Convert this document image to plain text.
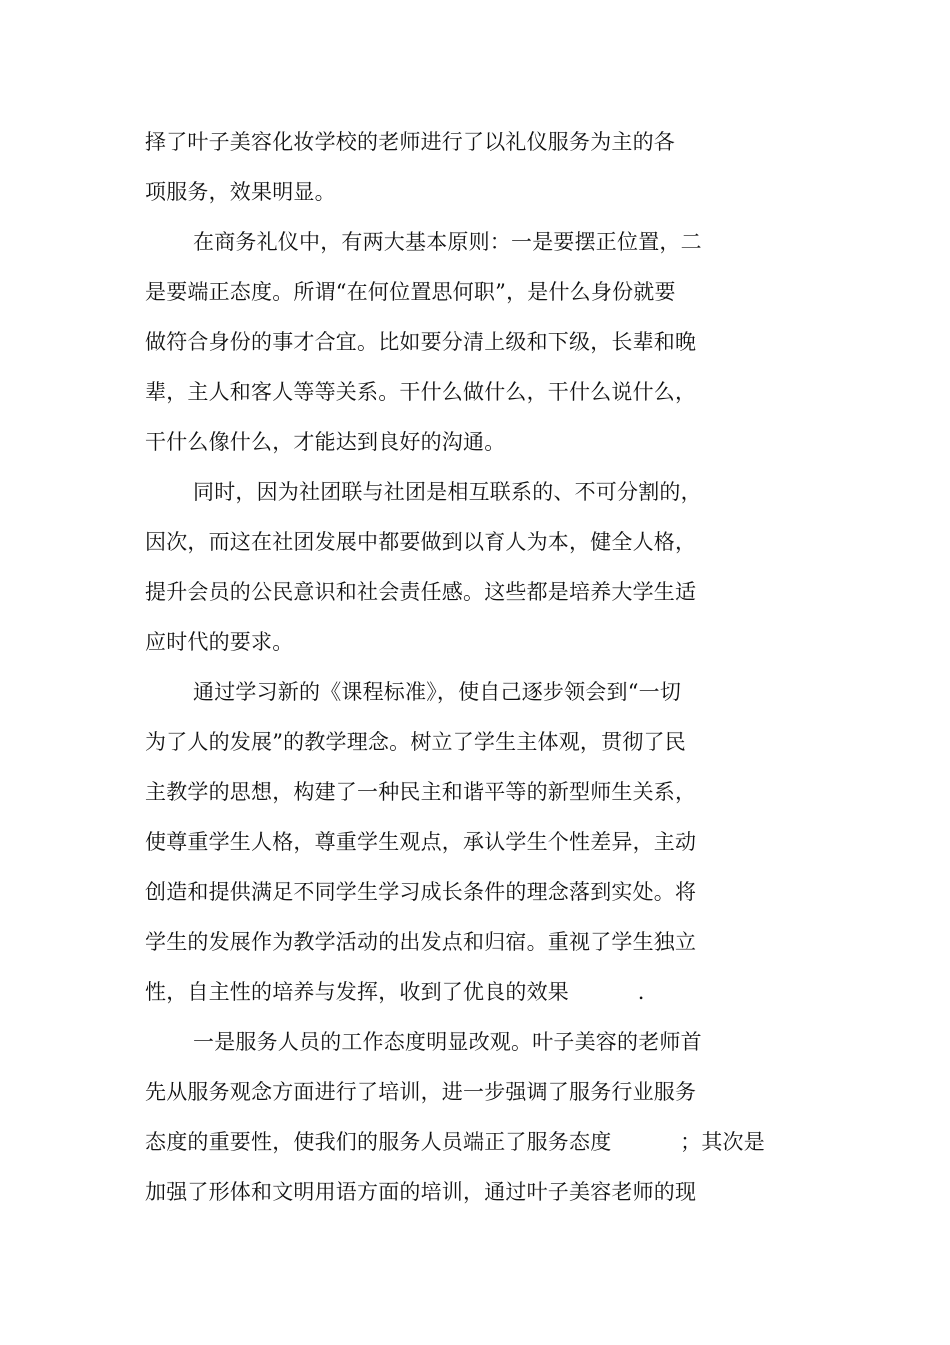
择了叶子美容化妆学校的老师进行了以礼仪服务为主的各
项服务，效果明显。
在商务礼仪中，有两大基本原则：一是要摆正位置，二
是要端正态度。所谓“在何位置思何职”，是什么身份就要
做符合身份的事才合宜。比如要分清上级和下级，长辈和晚
辈，主人和客人等等关系。干什么做什么，干什么说什么，
干什么像什么，才能达到良好的沟通。
同时，因为社团联与社团是相互联系的、不可分割的，
因次，而这在社团发展中都要做到以育人为本，健全人格，
提升会员的公民意识和社会责任感。这些都是培养大学生适
应时代的要求。
通过学习新的《课程标准》，使自己逐步领会到“一切
为了人的发展”的教学理念。树立了学生主体观，贯彻了民
主教学的思想，构建了一种民主和谐平等的新型师生关系，
使尊重学生人格，尊重学生观点，承认学生个性差异，主动
创造和提供满足不同学生学习成长条件的理念落到实处。将
学生的发展作为教学活动的出发点和归宿。重视了学生独立
性，自主性的培养与发挥，收到了优良的效果          .
一是服务人员的工作态度明显改观。叶子美容的老师首
先从服务观念方面进行了培训，进一步强调了服务行业服务
态度的重要性，使我们的服务人员端正了服务态度          ；其次是
加强了形体和文明用语方面的培训，通过叶子美容老师的现
